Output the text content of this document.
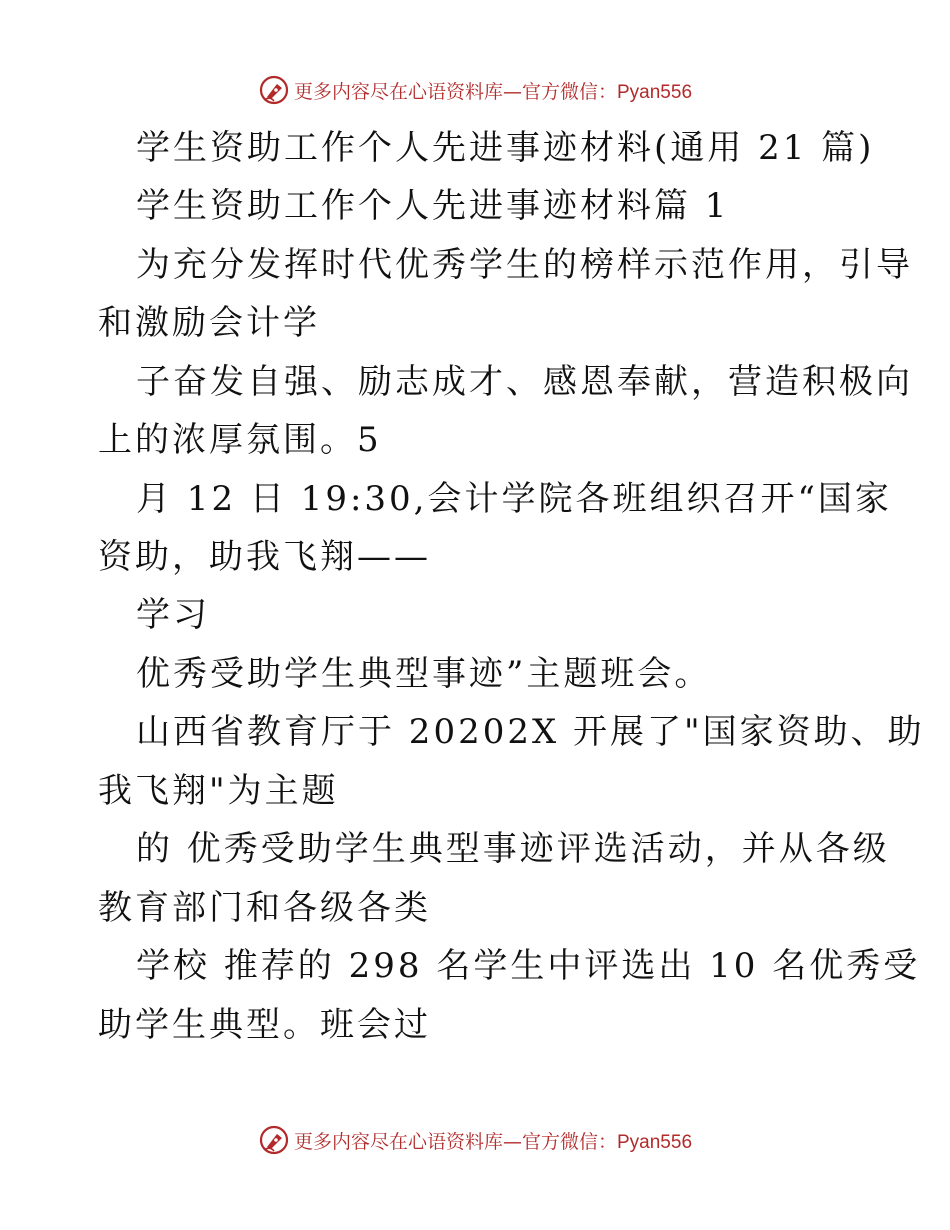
更多内容尽在心语资料库—官方微信：Pyan556
学生资助工作个人先进事迹材料(通用 21 篇)
学生资助工作个人先进事迹材料篇 1
为充分发挥时代优秀学生的榜样示范作用，引导
和激励会计学
子奋发自强、励志成才、感恩奉献，营造积极向
上的浓厚氛围。5
月 12 日 19:30,会计学院各班组织召开“国家
资助，助我飞翔——
学习
优秀受助学生典型事迹”主题班会。
山西省教育厅于 20202X 开展了"国家资助、助
我飞翔"为主题
的 优秀受助学生典型事迹评选活动，并从各级
教育部门和各级各类
学校 推荐的 298 名学生中评选出 10 名优秀受
助学生典型。班会过
更多内容尽在心语资料库—官方微信：Pyan556
